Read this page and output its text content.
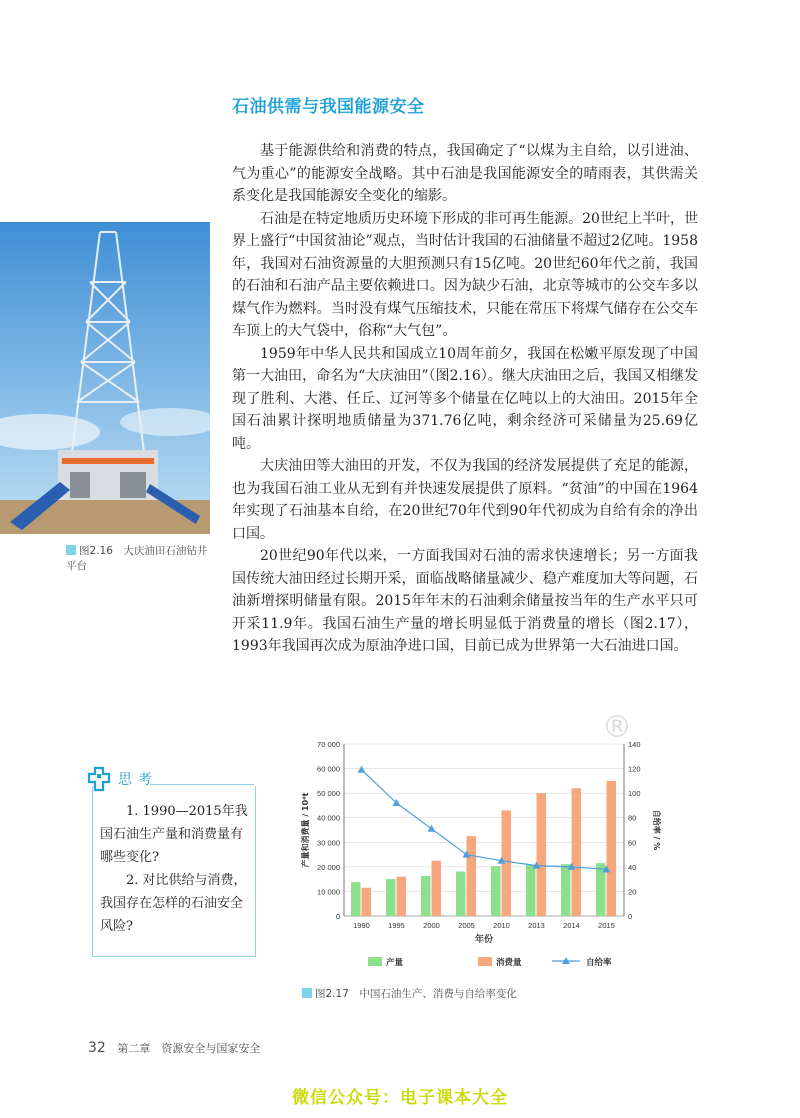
石油供需与我国能源安全

基于能源供给和消费的特点，我国确定了“以煤为主自给，以引进油、气为重心”的能源安全战略。其中石油是我国能源安全的晴雨表，其供需关系变化是我国能源安全变化的缩影。

石油是在特定地质历史环境下形成的非可再生能源。20世纪上半叶，世界上盛行“中国贫油论”观点，当时估计我国的石油储量不超过2亿吨。1958年，我国对石油资源量的大胆预测只有15亿吨。20世纪60年代之前，我国的石油和石油产品主要依赖进口。因为缺少石油，北京等城市的公交车多以煤气作为燃料。当时没有煤气压缩技术，只能在常压下将煤气储存在公交车车顶上的大气袋中，俗称“大气包”。

1959年中华人民共和国成立10周年前夕，我国在松嫩平原发现了中国第一大油田，命名为“大庆油田”（图2.16）。继大庆油田之后，我国又相继发现了胜利、大港、任丘、辽河等多个储量在亿吨以上的大油田。2015年全国石油累计探明地质储量为371.76亿吨，剩余经济可采储量为25.69亿吨。

大庆油田等大油田的开发，不仅为我国的经济发展提供了充足的能源，也为我国石油工业从无到有并快速发展提供了原料。“贫油”的中国在1964年实现了石油基本自给，在20世纪70年代到90年代初成为自给有余的净出口国。

20世纪90年代以来，一方面我国对石油的需求快速增长；另一方面我国传统大油田经过长期开采，面临战略储量减少、稳产难度加大等问题，石油新增探明储量有限。2015年年末的石油剩余储量按当年的生产水平只可开采11.9年。我国石油生产量的增长明显低于消费量的增长（图2.17），1993年我国再次成为原油净进口国，目前已成为世界第一大石油进口国。

图2.16　大庆油田石油钻井平台
思考

1. 1990—2015年我国石油生产量和消费量有哪些变化?

2. 对比供给与消费，我国存在怎样的石油安全风险?

®
0
10 000
20 000
30 000
40 000
50 000
60 000
70 000
0
20
40
60
80
100
120
140
1990 1995 2000 2005 2010 2013 2014 2015
年份
产量和消费量 / 10⁴t	自给率 / %
产量	消费量	自给率
图2.17　中国石油生产、消费与自给率变化
32 第二章　资源安全与国家安全
微信公众号：电子课本大全
